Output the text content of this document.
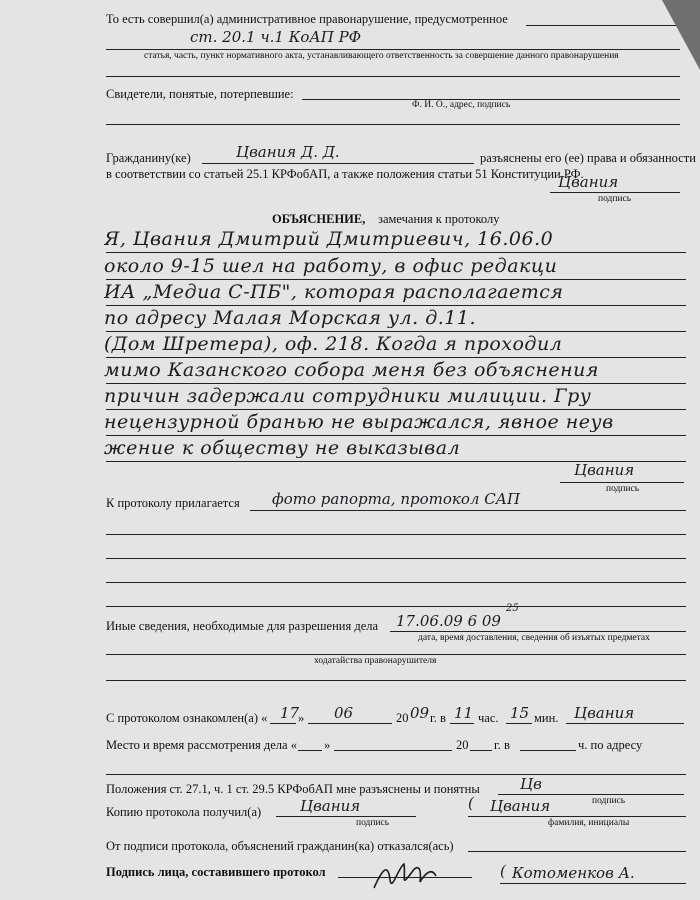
То есть совершил(а) административное правонарушение, предусмотренное
ст. 20.1 ч.1 КоАП РФ
статья, часть, пункт нормативного акта, устанавливающего ответственность за совершение данного правонарушения
Свидетели, понятые, потерпевшие:
Ф. И. О., адрес, подпись
Гражданину(ке)	Цвания Д. Д.	разъяснены его (ее) права и обязанности
в соответствии со статьей 25.1 КРФобАП, а также положения статьи 51 Конституции РФ.
Цвания
подпись
ОБЪЯСНЕНИЕ, замечания к протоколу
Я, Цвания Дмитрий Дмитриевич, 16.06.0
около 9-15 шел на работу, в офис редакци
ИА „Медиа С-ПБ", которая располагается
по адресу Малая Морская ул. д.11.
(Дом Шретера), оф. 218. Когда я проходил
мимо Казанского собора меня без объяснения
причин задержали сотрудники милиции. Гру
нецензурной бранью не выражался, явное неув
жение к обществу не выказывал
Цвания
подпись
К протоколу прилагается фото рапорта, протокол САП
Иные сведения, необходимые для разрешения дела 17.06.09 6 09
25
дата, время доставления, сведения об изъятых предметах
ходатайства правонарушителя
С протоколом ознакомлен(а) « 17
» 06	20 09 г. в 11 час. 15 мин. Цвания
Место и время рассмотрения дела « »	20 г. в	ч. по адресу
Положения ст. 27.1, ч. 1 ст. 29.5 КРФобАП мне разъяснены и понятны	Цв
подпись
Копию протокола получил(а)	Цвания	( Цвания
подпись	фамилия, инициалы
От подписи протокола, объяснений гражданин(ка) отказался(ась)
Подпись лица, составившего протокол	( Котоменков А.
